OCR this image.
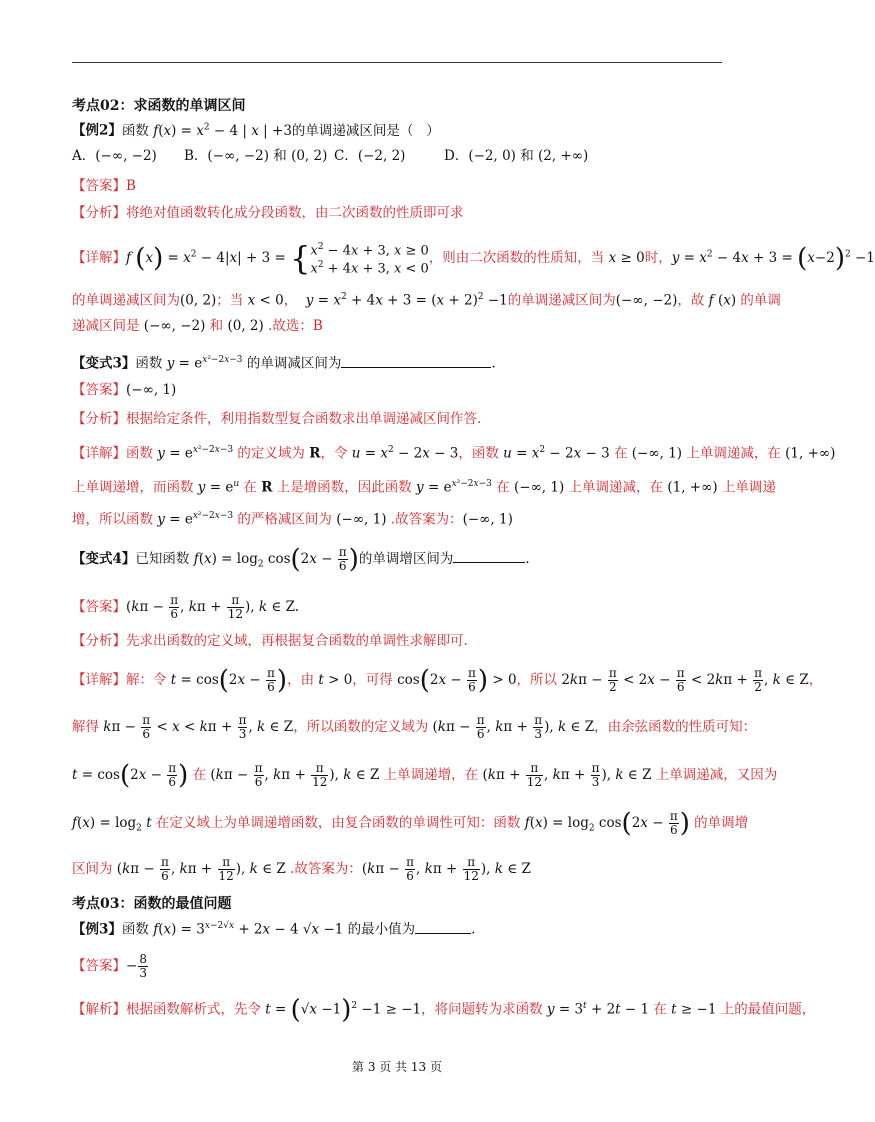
考点02：求函数的单调区间
【例2】函数 $f(x) = x^2 - 4$ | x | +3的单调递减区间是（   ）
A．(−∞, −2) B．(−∞, −2) 和 (0, 2) C．(−2, 2)	D．(−2, 0) 和 (2, +∞)
【答案】B
【分析】将绝对值函数转化成分段函数，由二次函数的性质即可求
【详解】f $(x) = x^2 - 4|x| + 3 = \{x^2 - 4x + 3$, x ≥ 0
$x^2 + 4x + 3$, x < 0，则由二次函数的性质知，当 x ≥ 0时，$y = x^2 - 4x + 3 = (x-2)^2 -1$
的单调递减区间为(0, 2)；当 x < 0， $y = x^2 + 4x + 3 = (x + 2)^2 -1$的单调递减区间为(−∞, −2)，故 f (x) 的单调
递减区间是 (−∞, −2) 和 (0, 2) .故选：B
【变式3】函数 $y = e^{x^2-2x-3}$ 的单调减区间为	.
【答案】(−∞, 1)
【分析】根据给定条件，利用指数型复合函数求出单调递减区间作答.
【详解】函数 $y = e^{x^2-2x-3}$ 的定义域为 R，令 $u = x^2 - 2x - 3$，函数 $u = x^2 - 2x - 3$ 在 (−∞, 1) 上单调递减，在 (1, +∞)
上单调递增，而函数 $y = e^u$ 在 R 上是增函数，因此函数 $y = e^{x^2-2x-3}$ 在 (−∞, 1) 上单调递减，在 (1, +∞) 上单调递
增，所以函数 $y = e^{x^2-2x-3}$ 的严格减区间为 (−∞, 1) .故答案为：(−∞, 1)
【变式4】已知函数 $f(x) = \log_2 \cos(2x - \frac{\pi}{6}$ )的单调增区间为	.
【答案】($k\pi - \frac{\pi}{6}$ , $k\pi + \frac{\pi}{12}$ ), k ∈ Z.
【分析】先求出函数的定义域，再根据复合函数的单调性求解即可.
【详解】解：令 $t = \cos(2x - \frac{\pi}{6}$ )，由 t > 0，可得 $\cos(2x - \frac{\pi}{6}$ ) > 0，所以 $2k\pi - \frac{\pi}{2} < 2x - \frac{\pi}{6} < 2k\pi + \frac{\pi}{2}$ , k ∈ Z，
解得 $k\pi - \frac{\pi}{6} < x < k\pi + \frac{\pi}{3}$ , k ∈ Z，所以函数的定义域为 ($k\pi - \frac{\pi}{6}$ , $k\pi + \frac{\pi}{3}$ ), k ∈ Z，由余弦函数的性质可知：
$t = \cos(2x - \frac{\pi}{6}$ ) 在 ($k\pi - \frac{\pi}{6}$ , $k\pi + \frac{\pi}{12}$ ), k ∈ Z 上单调递增，在 ($k\pi + \frac{\pi}{12}$ , $k\pi + \frac{\pi}{3}$ ), k ∈ Z 上单调递减，又因为
$f(x) = \log_2 t$ 在定义域上为单调递增函数，由复合函数的单调性可知：函数 $f(x) = \log_2 \cos(2x - \frac{\pi}{6}$ ) 的单调增
区间为 ($k\pi - \frac{\pi}{6}$ , $k\pi + \frac{\pi}{12}$ ), k ∈ Z .故答案为：($k\pi - \frac{\pi}{6}$ , $k\pi + \frac{\pi}{12}$ ), k ∈ Z
考点03：函数的最值问题
【例3】函数 $f(x) = 3^{x-2√x} + 2x - 4$ √x −1 的最小值为	.
【答案】− $\frac{8}{3}$
【解析】根据函数解析式，先令 $t = (√x -1)^2 -1 \ge -1$，将问题转为求函数 $y = 3^t + 2t - 1$ 在 t ≥ −1 上的最值问题，
第 3 页 共 13 页
